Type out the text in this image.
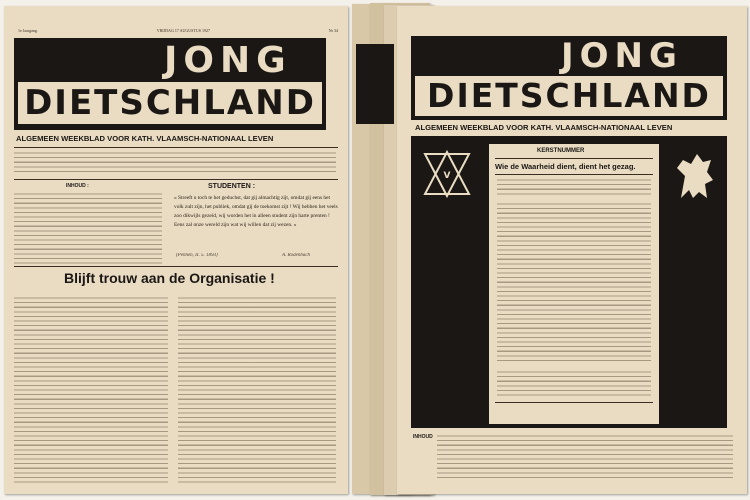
1e Jaargang.	VRIJDAG 17 AUGUSTUS 1927	Nr 34
JONG
DIETSCHLAND
ALGEMEEN WEEKBLAD VOOR KATH. VLAAMSCH-NATIONAAL LEVEN
INHOUD :	STUDENTEN :
« Streeft u toch te het geduchst, dat gij almachtig zijt, omdat gij eens het volk zult zijn, het publiek, omdat gij de toekomst zijt ! Wij hebben het veels zoo dikwijls gezeid, wij worden het in alleen student zijn harte prenten ! Eens zal onze wereld zijn wat wij willen dat zij wezen. »
(Pennen, II. 5. 1893)	A. Rodenbach
Blijft trouw aan de Organisatie !
JONG
DIETSCHLAND
ALGEMEEN WEEKBLAD VOOR KATH. VLAAMSCH-NATIONAAL LEVEN
V
KERSTNUMMER
Wie de Waarheid dient, dient het gezag.
INHOUD
